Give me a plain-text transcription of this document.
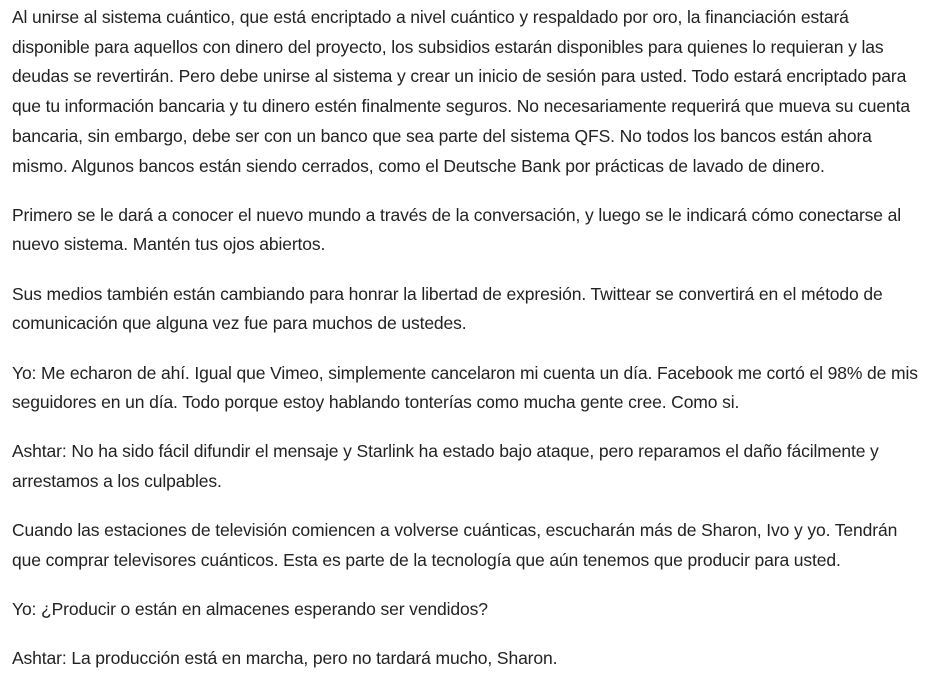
Al unirse al sistema cuántico, que está encriptado a nivel cuántico y respaldado por oro, la financiación estará disponible para aquellos con dinero del proyecto, los subsidios estarán disponibles para quienes lo requieran y las deudas se revertirán. Pero debe unirse al sistema y crear un inicio de sesión para usted. Todo estará encriptado para que tu información bancaria y tu dinero estén finalmente seguros. No necesariamente requerirá que mueva su cuenta bancaria, sin embargo, debe ser con un banco que sea parte del sistema QFS. No todos los bancos están ahora mismo. Algunos bancos están siendo cerrados, como el Deutsche Bank por prácticas de lavado de dinero.

Primero se le dará a conocer el nuevo mundo a través de la conversación, y luego se le indicará cómo conectarse al nuevo sistema. Mantén tus ojos abiertos.

Sus medios también están cambiando para honrar la libertad de expresión. Twittear se convertirá en el método de comunicación que alguna vez fue para muchos de ustedes.

Yo: Me echaron de ahí. Igual que Vimeo, simplemente cancelaron mi cuenta un día. Facebook me cortó el 98% de mis seguidores en un día. Todo porque estoy hablando tonterías como mucha gente cree. Como si.

Ashtar: No ha sido fácil difundir el mensaje y Starlink ha estado bajo ataque, pero reparamos el daño fácilmente y arrestamos a los culpables.

Cuando las estaciones de televisión comiencen a volverse cuánticas, escucharán más de Sharon, Ivo y yo. Tendrán que comprar televisores cuánticos. Esta es parte de la tecnología que aún tenemos que producir para usted.

Yo: ¿Producir o están en almacenes esperando ser vendidos?

Ashtar: La producción está en marcha, pero no tardará mucho, Sharon.
